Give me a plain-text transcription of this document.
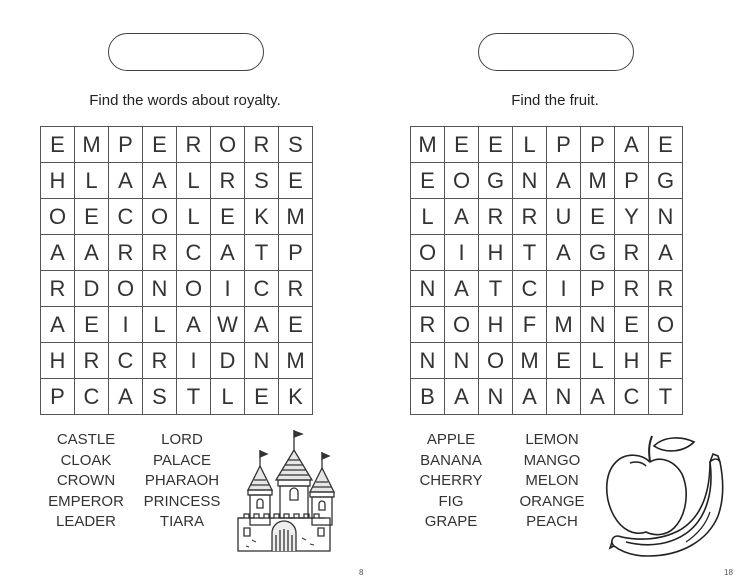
Find the words about royalty.
E M P E R O R S
H L A A L R S E
O E C O L E K M
A A R R C A T P
R D O N O	I	C R
A E	I	L A W A E
H R C R	I	D N M
P C A S T L E K
CASTLE
CLOAK
CROWN
EMPEROR
LEADER
LORD
PALACE
PHARAOH
PRINCESS
TIARA
8
Find the fruit.
M E E L P P A E
E O G N A M P G
L A R R U E Y N
O	I	H T A G R A
N A T C	I	P R R
R O H F M N E O
N N O M E L H F
B A N A N A C T
APPLE
BANANA
CHERRY
FIG
GRAPE
LEMON
MANGO
MELON
ORANGE
PEACH
18
